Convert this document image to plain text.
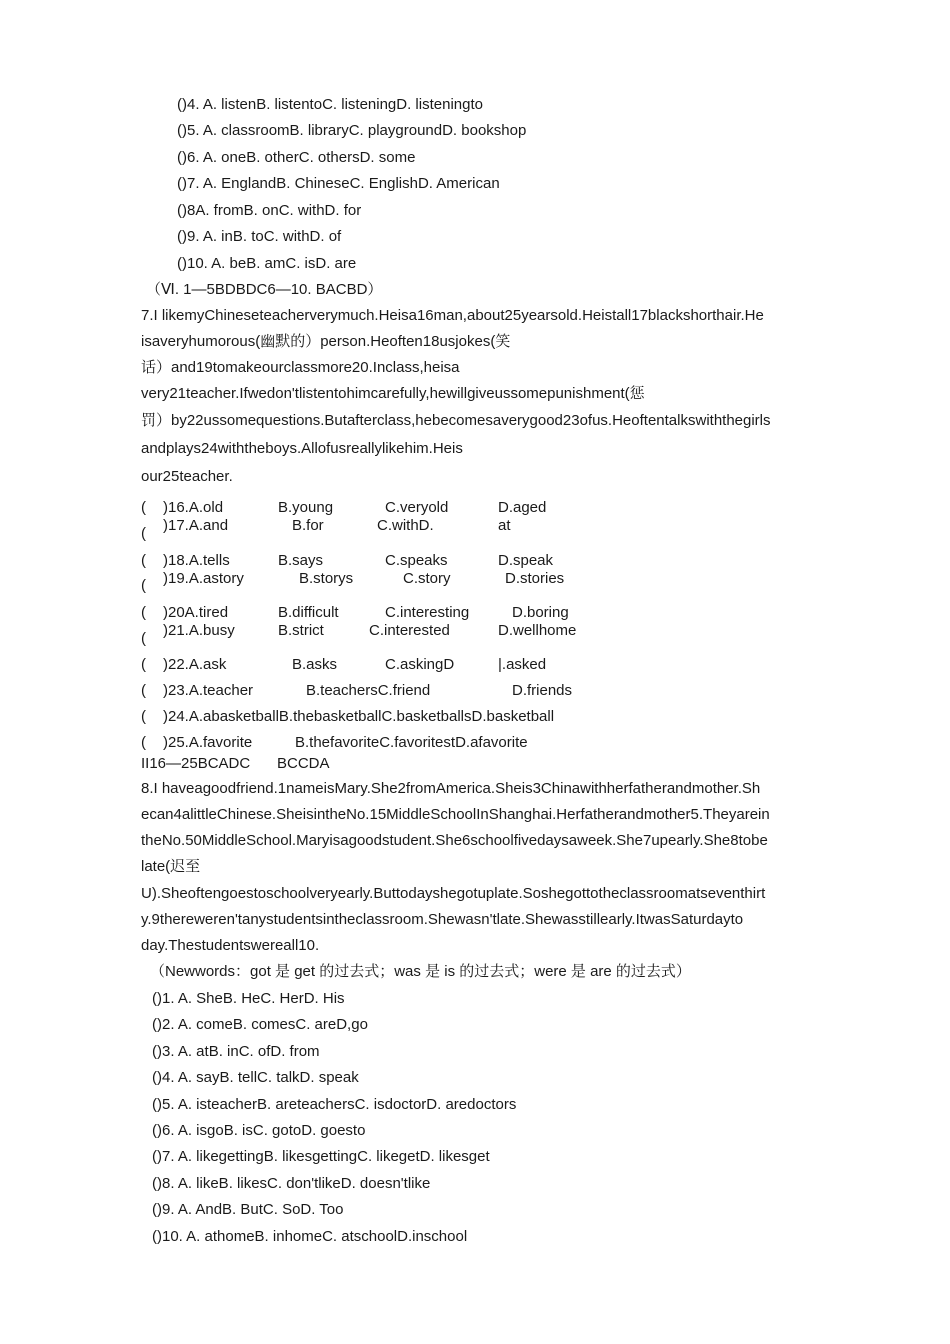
()4. A. listenB. listentoC. listeningD. listeningto
()5. A. classroomB. libraryC. playgroundD. bookshop
()6. A. oneB. otherC. othersD. some
()7. A. EnglandB. ChineseC. EnglishD. American
()8A. fromB. onC. withD. for
()9. A. inB. toC. withD. of
()10. A. beB. amC. isD. are
（Ⅵ. 1—5BDBDC6—10. BACBD）
7.I likemyChineseteacherverymuch.Heisa16man,about25yearsold.Heistall17blackshorthair.He
isaveryhumorous(幽默的）person.Heoften18usjokes(笑
话）and19tomakeourclassmore20.Inclass,heisa
very21teacher.Ifwedon'tlistentohimcarefully,hewillgiveussomepunishment(惩
罚）by22ussomequestions.Butafterclass,hebecomesaverygood23ofus.Heoftentalkswiththegirls
andplays24withtheboys.Allofusreallylikehim.Heis
our25teacher.
( )16.A.old	B.young	C.veryold	D.aged
( )17.A.and	B.for	C.withD.	at
( )18.A.tells	B.says	C.speaks	D.speak
( )19.A.astory	B.storys	C.story	D.stories
( )20A.tired	B.difficult	C.interesting	D.boring
( )21.A.busy	B.strict	C.interested	D.wellhome
( )22.A.ask	B.asks	C.askingD	|.asked
( )23.A.teacher	B.teachersC.friend	D.friends
( )24.A.abasketballB.thebasketballC.basketballsD.basketball
( )25.A.favorite	B.thefavoriteC.favoritestD.afavorite
II16—25BCADC BCCDA
8.I haveagoodfriend.1nameisMary.She2fromAmerica.Sheis3Chinawithherfatherandmother.Sh
ecan4alittleChinese.SheisintheNo.15MiddleSchoolInShanghai.Herfatherandmother5.Theyarein
theNo.50MiddleSchool.Maryisagoodstudent.She6schoolfivedaysaweek.She7upearly.She8tobe
late(迟至
U).Sheoftengoestoschoolveryearly.Buttodayshegotuplate.Soshegottotheclassroomatseventhirt
y.9thereweren'tanystudentsintheclassroom.Shewasn'tlate.Shewasstillearly.ItwasSaturdayto
day.Thestudentswereall10.
（Newwords：got 是 get 的过去式；was 是 is 的过去式；were 是 are 的过去式）
()1. A. SheB. HeC. HerD. His
()2. A. comeB. comesC. areD,go
()3. A. atB. inC. ofD. from
()4. A. sayB. tellC. talkD. speak
()5. A. isteacherB. areteachersC. isdoctorD. aredoctors
()6. A. isgoB. isC. gotoD. goesto
()7. A. likegettingB. likesgettingC. likegetD. likesget
()8. A. likeB. likesC. don'tlikeD. doesn'tlike
()9. A. AndB. ButC. SoD. Too
()10. A. athomeB. inhomeC. atschoolD.inschool
